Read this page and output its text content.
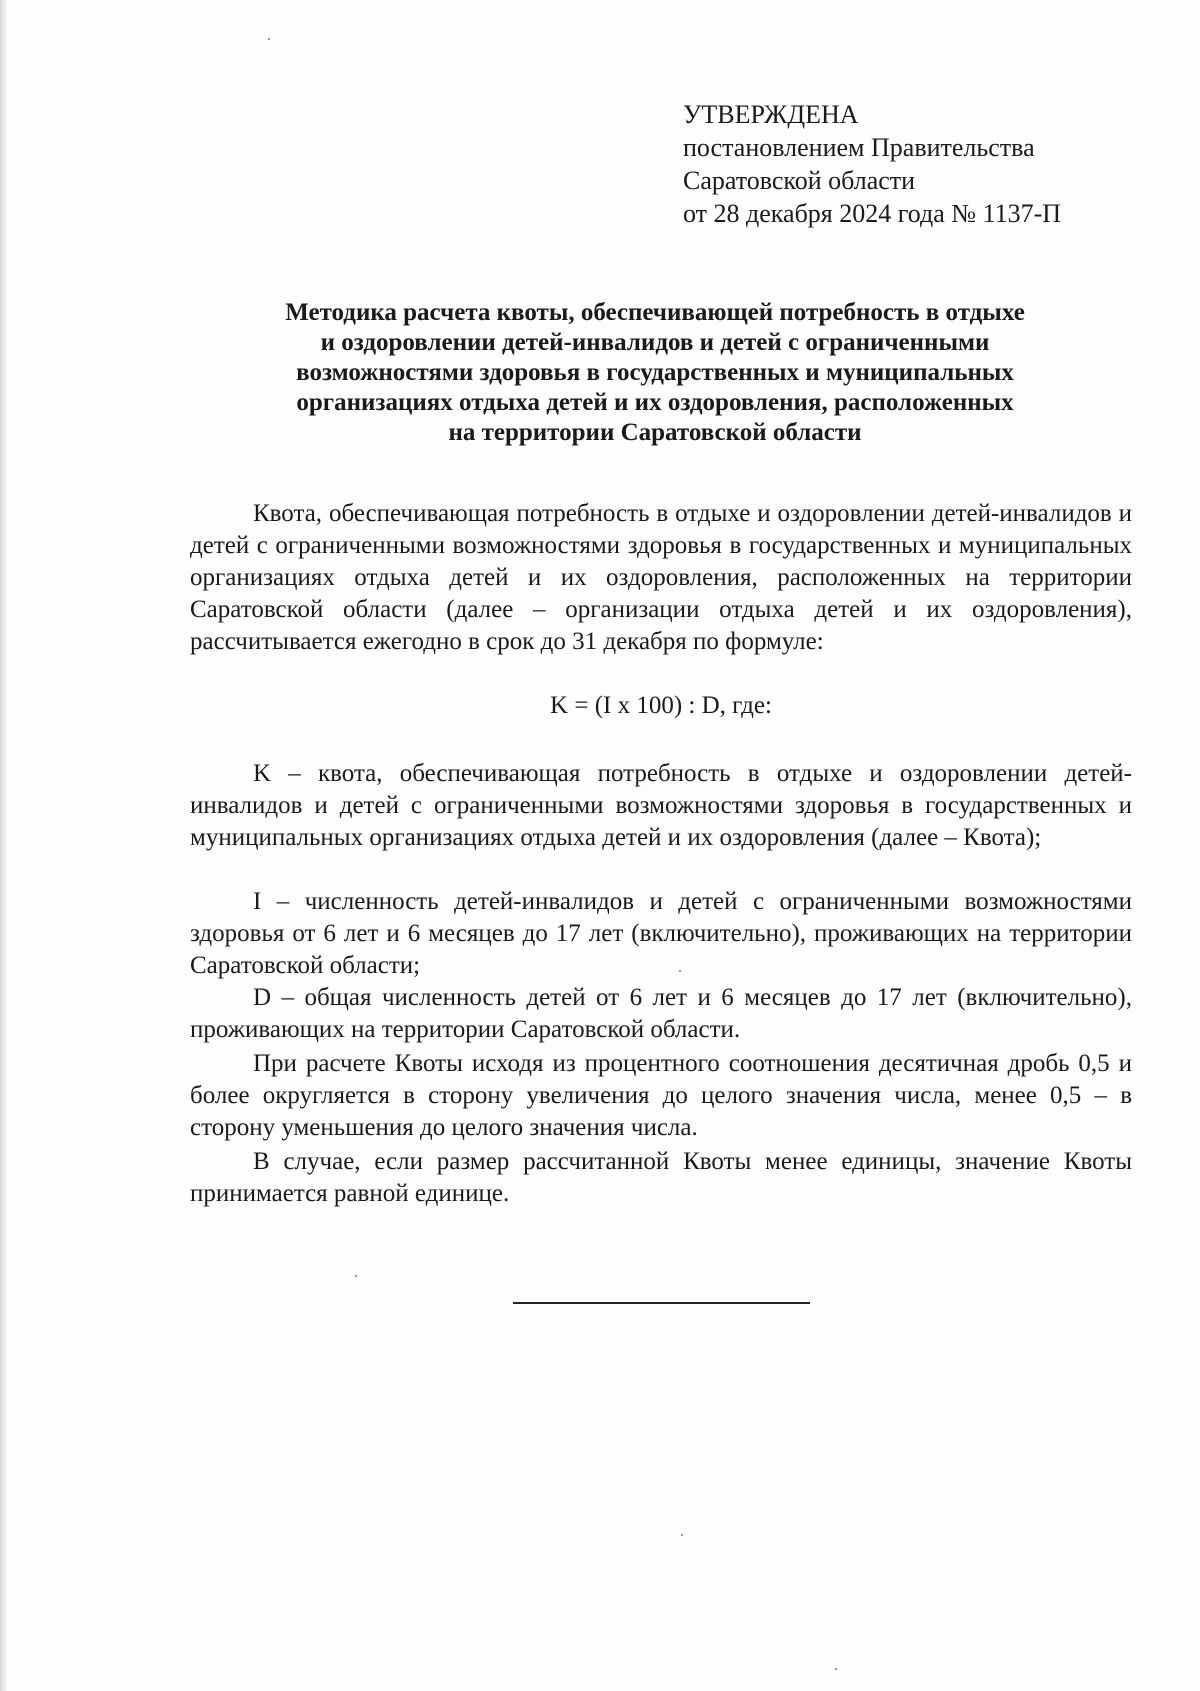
УТВЕРЖДЕНА
постановлением Правительства
Саратовской области
от 28 декабря 2024 года № 1137-П
Методика расчета квоты, обеспечивающей потребность в отдыхе
и оздоровлении детей-инвалидов и детей с ограниченными
возможностями здоровья в государственных и муниципальных
организациях отдыха детей и их оздоровления, расположенных
на территории Саратовской области

Квота, обеспечивающая потребность в отдыхе и оздоровлении детей-инвалидов и детей с ограниченными возможностями здоровья в государственных и муниципальных организациях отдыха детей и их оздоровления, расположенных на территории Саратовской области (далее – организации отдыха детей и их оздоровления), рассчитывается ежегодно в срок до 31 декабря по формуле:

K = (I x 100) : D, где:

K – квота, обеспечивающая потребность в отдыхе и оздоровлении детей-инвалидов и детей с ограниченными возможностями здоровья в государственных и муниципальных организациях отдыха детей и их оздоровления (далее – Квота);

I – численность детей-инвалидов и детей с ограниченными возможностями здоровья от 6 лет и 6 месяцев до 17 лет (включительно), проживающих на территории Саратовской области;

D – общая численность детей от 6 лет и 6 месяцев до 17 лет (включительно), проживающих на территории Саратовской области.

При расчете Квоты исходя из процентного соотношения десятичная дробь 0,5 и более округляется в сторону увеличения до целого значения числа, менее 0,5 – в сторону уменьшения до целого значения числа.

В случае, если размер рассчитанной Квоты менее единицы, значение Квоты принимается равной единице.
